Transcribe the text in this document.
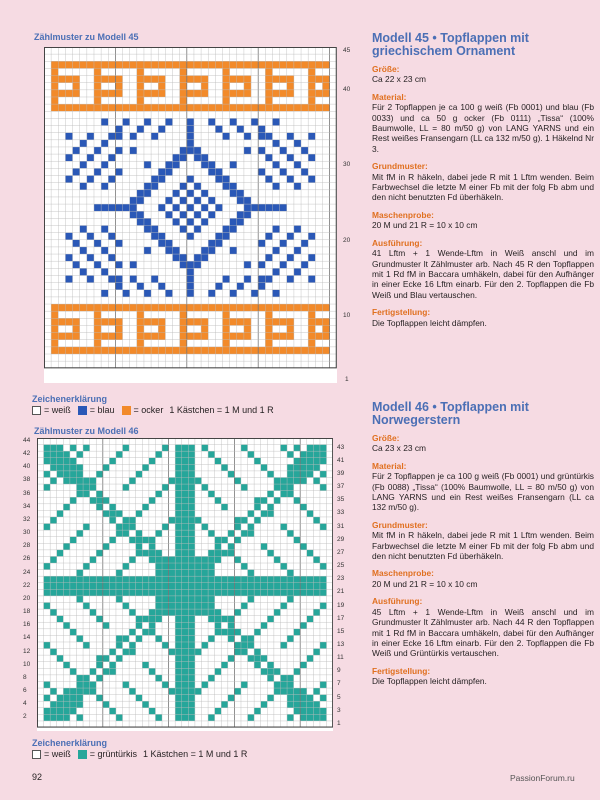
Zählmuster zu Modell 45
1
10
20
30
40
45
Zeichenerklärung
= weiß = blau = ocker 1 Kästchen = 1 M und 1 R
Zählmuster zu Modell 46
2
4
6
8
10
12
14
16
18
20
22
24
26
28
30
32
34
36
38
40
42
44
1
3
5
7
9
11
13
15
17
19
21
23
25
27
29
31
33
35
37
39
41
43
Zeichenerklärung
= weiß = grüntürkis 1 Kästchen = 1 M und 1 R
92	PassionForum.ru
Modell 45 • Topflappen mit
griechischem Ornament
Größe:
Ca 22 x 23 cm
Material:
Für 2 Topflappen je ca 100 g weiß (Fb 0001) und blau (Fb 0033) und ca 50 g ocker (Fb 0111) „Tissa“ (100% Baumwolle, LL = 80 m/50 g) von LANG YARNS und ein Rest weißes Fransengarn (LL ca 132 m/50 g). 1 Häkelnd Nr 3.
Grundmuster:
Mit fM in R häkeln, dabei jede R mit 1 Lftm wenden. Beim Farbwechsel die letzte M einer Fb mit der folg Fb abm und den nicht benutzten Fd überhäkeln.
Maschenprobe:
20 M und 21 R = 10 x 10 cm
Ausführung:
41 Lftm + 1 Wende-Lftm in Weiß anschl und im Grundmuster lt Zählmuster arb. Nach 45 R den Topflappen mit 1 Rd fM in Baccara umhäkeln, dabei für den Aufhänger in einer Ecke 16 Lftm einarb. Für den 2. Topflappen die Fb Weiß und Blau vertauschen.
Fertigstellung:
Die Topflappen leicht dämpfen.
Modell 46 • Topflappen mit
Norwegerstern
Größe:
Ca 23 x 23 cm
Material:
Für 2 Topflappen je ca 100 g weiß (Fb 0001) und grüntürkis (Fb 0088) „Tissa“ (100% Baumwolle, LL = 80 m/50 g) von LANG YARNS und ein Rest weißes Fransengarn (LL ca 132 m/50 g).
Grundmuster:
Mit fM in R häkeln, dabei jede R mit 1 Lftm wenden. Beim Farbwechsel die letzte M einer Fb mit der folg Fb abm und den nicht benutzten Fd überhäkeln.
Maschenprobe:
20 M und 21 R = 10 x 10 cm
Ausführung:
45 Lftm + 1 Wende-Lftm in Weiß anschl und im Grundmuster lt Zählmuster arb. Nach 44 R den Topflappen mit 1 Rd fM in Baccara umhäkeln, dabei für den Aufhänger in einer Ecke 16 Lftm einarb. Für den 2. Topflappen die Fb Weiß und Grüntürkis vertauschen.
Fertigstellung:
Die Topflappen leicht dämpfen.
